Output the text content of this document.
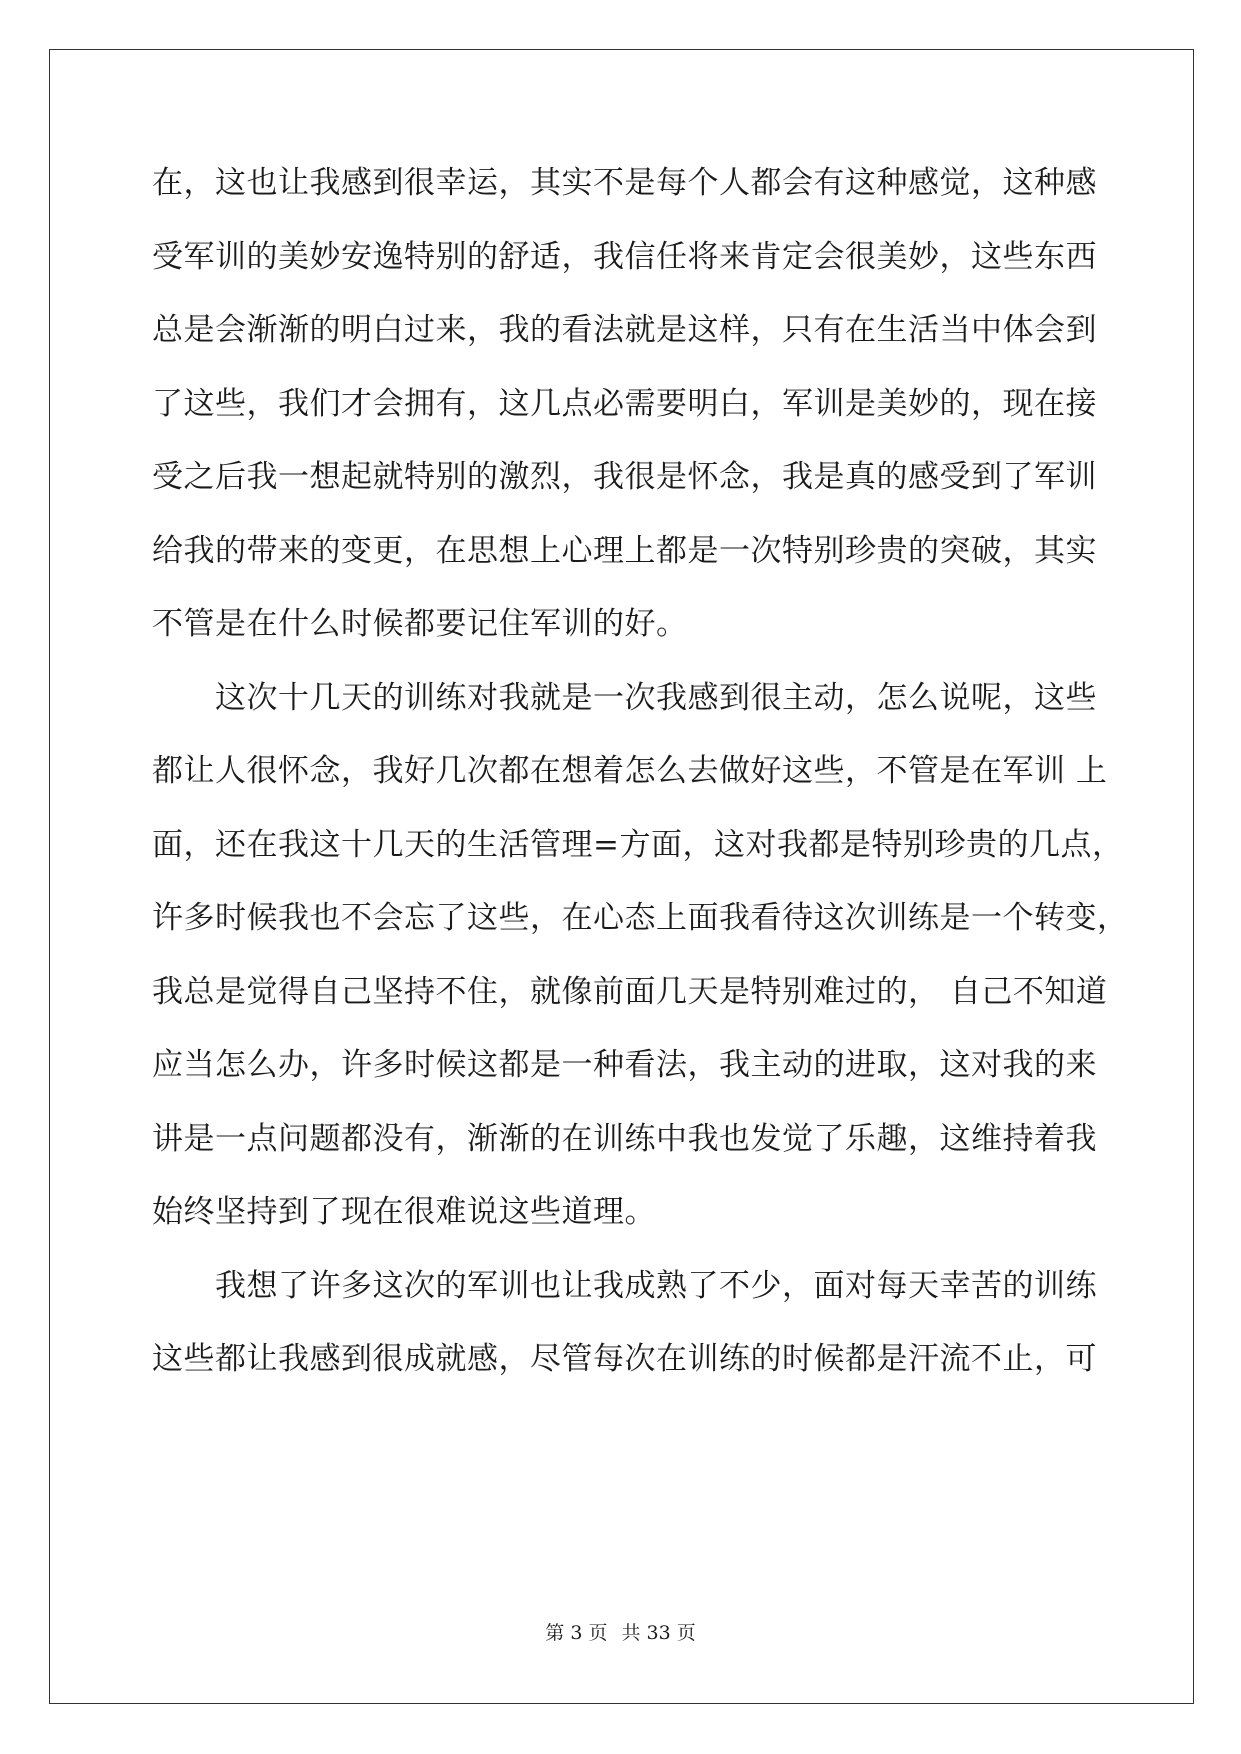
在，这也让我感到很幸运，其实不是每个人都会有这种感觉，这种感
受军训的美妙安逸特别的舒适，我信任将来肯定会很美妙，这些东西
总是会渐渐的明白过来，我的看法就是这样，只有在生活当中体会到
了这些，我们才会拥有，这几点必需要明白，军训是美妙的，现在接
受之后我一想起就特别的激烈，我很是怀念，我是真的感受到了军训
给我的带来的变更，在思想上心理上都是一次特别珍贵的突破，其实
不管是在什么时候都要记住军训的好。
　　这次十几天的训练对我就是一次我感到很主动，怎么说呢，这些
都让人很怀念，我好几次都在想着怎么去做好这些，不管是在军训 上
面，还在我这十几天的生活管理=方面，这对我都是特别珍贵的几点，
许多时候我也不会忘了这些，在心态上面我看待这次训练是一个转变，
我总是觉得自己坚持不住，就像前面几天是特别难过的， 自己不知道
应当怎么办，许多时候这都是一种看法，我主动的进取，这对我的来
讲是一点问题都没有，渐渐的在训练中我也发觉了乐趣，这维持着我
始终坚持到了现在很难说这些道理。
　　我想了许多这次的军训也让我成熟了不少，面对每天幸苦的训练
这些都让我感到很成就感，尽管每次在训练的时候都是汗流不止，可
第 3 页 共 33 页
